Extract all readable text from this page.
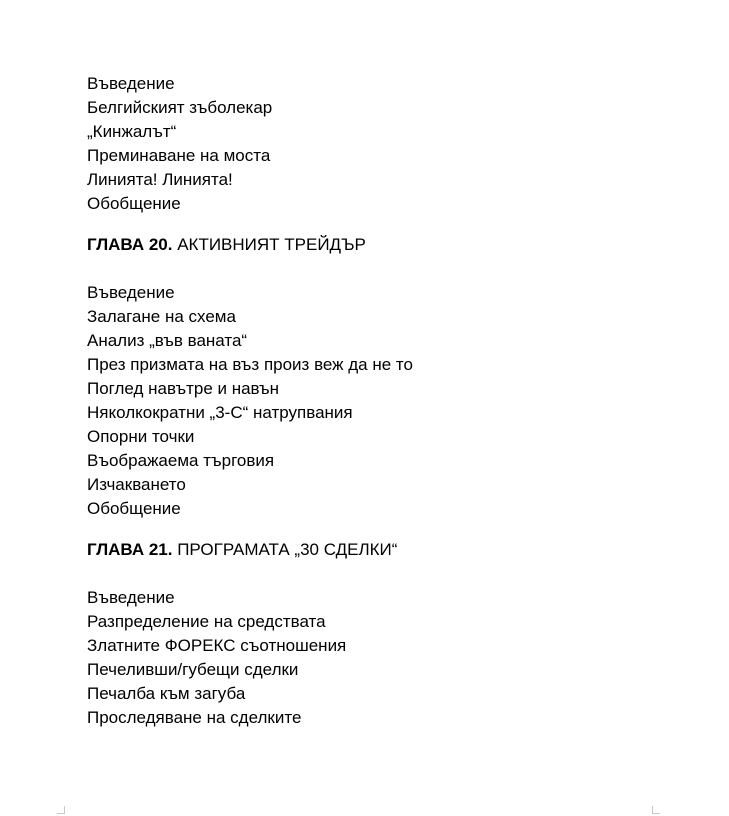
Въведение
Белгийският зъболекар
„Кинжалът“
Преминаване на моста
Линията! Линията!
Обобщение
ГЛАВА 20. АКТИВНИЯТ ТРЕЙДЪР
Въведение
Залагане на схема
Анализ „във ваната“
През призмата на въз произ веж да не то
Поглед навътре и навън
Няколкократни „3-С“ натрупвания
Опорни точки
Въображаема търговия
Изчакването
Обобщение
ГЛАВА 21. ПРОГРАМАТА „30 СДЕЛКИ“
Въведение
Разпределение на средствата
Златните ФОРЕКС съотношения
Печеливши/губещи сделки
Печалба към загуба
Проследяване на сделките
